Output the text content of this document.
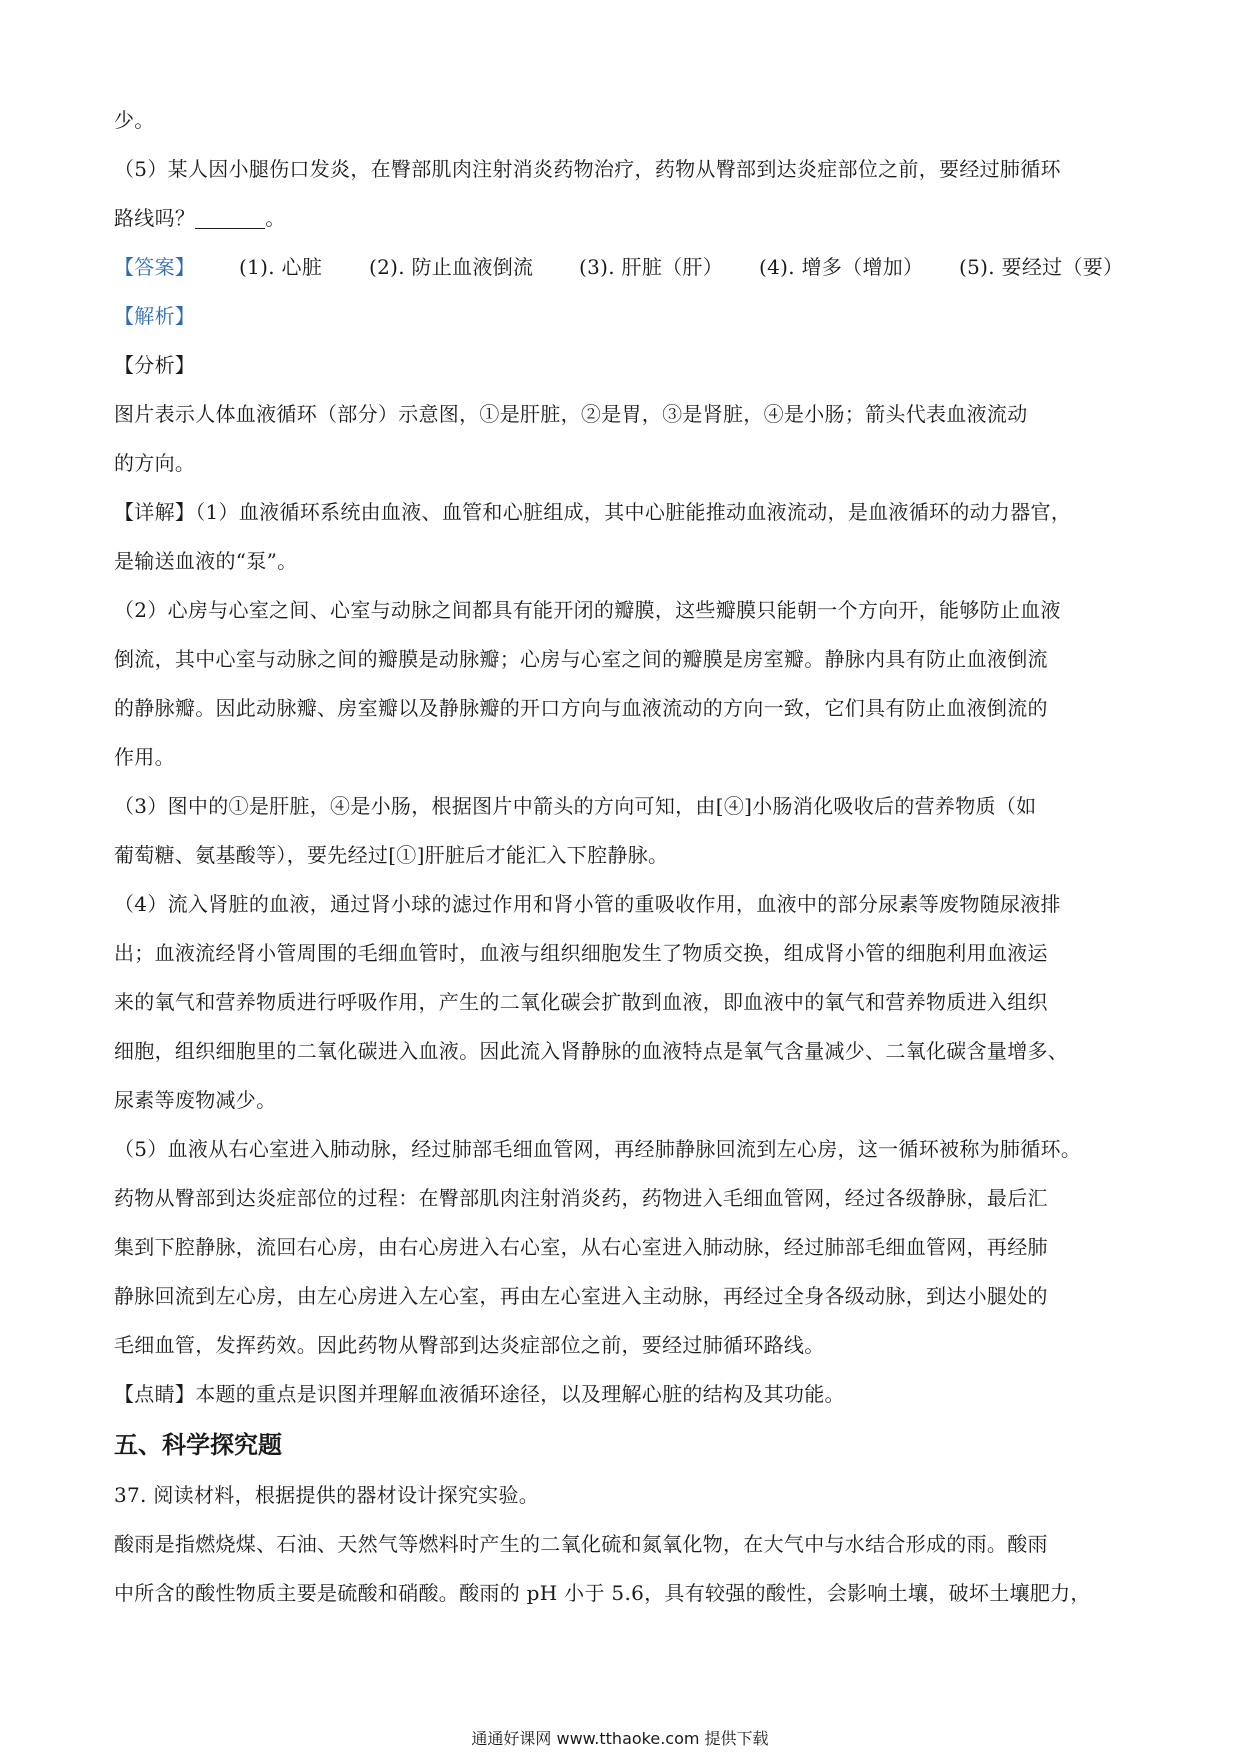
少。
（5）某人因小腿伤口发炎，在臀部肌肉注射消炎药物治疗，药物从臀部到达炎症部位之前，要经过肺循环
路线吗？	。
【答案】	(1). 心脏	(2). 防止血液倒流	(3). 肝脏（肝）	(4). 增多（增加）	(5). 要经过（要）
【解析】
【分析】
图片表示人体血液循环（部分）示意图，①是肝脏，②是胃，③是肾脏，④是小肠；箭头代表血液流动
的方向。
【详解】（1）血液循环系统由血液、血管和心脏组成，其中心脏能推动血液流动，是血液循环的动力器官，
是输送血液的“泵”。
（2）心房与心室之间、心室与动脉之间都具有能开闭的瓣膜，这些瓣膜只能朝一个方向开，能够防止血液
倒流，其中心室与动脉之间的瓣膜是动脉瓣；心房与心室之间的瓣膜是房室瓣。静脉内具有防止血液倒流
的静脉瓣。因此动脉瓣、房室瓣以及静脉瓣的开口方向与血液流动的方向一致，它们具有防止血液倒流的
作用。
（3）图中的①是肝脏，④是小肠，根据图片中箭头的方向可知，由[④]小肠消化吸收后的营养物质（如
葡萄糖、氨基酸等），要先经过[①]肝脏后才能汇入下腔静脉。
（4）流入肾脏的血液，通过肾小球的滤过作用和肾小管的重吸收作用，血液中的部分尿素等废物随尿液排
出；血液流经肾小管周围的毛细血管时，血液与组织细胞发生了物质交换，组成肾小管的细胞利用血液运
来的氧气和营养物质进行呼吸作用，产生的二氧化碳会扩散到血液，即血液中的氧气和营养物质进入组织
细胞，组织细胞里的二氧化碳进入血液。因此流入肾静脉的血液特点是氧气含量减少、二氧化碳含量增多、
尿素等废物减少。
（5）血液从右心室进入肺动脉，经过肺部毛细血管网，再经肺静脉回流到左心房，这一循环被称为肺循环。
药物从臀部到达炎症部位的过程：在臀部肌肉注射消炎药，药物进入毛细血管网，经过各级静脉，最后汇
集到下腔静脉，流回右心房，由右心房进入右心室，从右心室进入肺动脉，经过肺部毛细血管网，再经肺
静脉回流到左心房，由左心房进入左心室，再由左心室进入主动脉，再经过全身各级动脉，到达小腿处的
毛细血管，发挥药效。因此药物从臀部到达炎症部位之前，要经过肺循环路线。
【点睛】本题的重点是识图并理解血液循环途径，以及理解心脏的结构及其功能。
五、科学探究题
37. 阅读材料，根据提供的器材设计探究实验。
酸雨是指燃烧煤、石油、天然气等燃料时产生的二氧化硫和氮氧化物，在大气中与水结合形成的雨。酸雨
中所含的酸性物质主要是硫酸和硝酸。酸雨的 pH 小于 5.6，具有较强的酸性，会影响土壤，破坏土壤肥力，
通通好课网 www.tthaoke.com 提供下载
